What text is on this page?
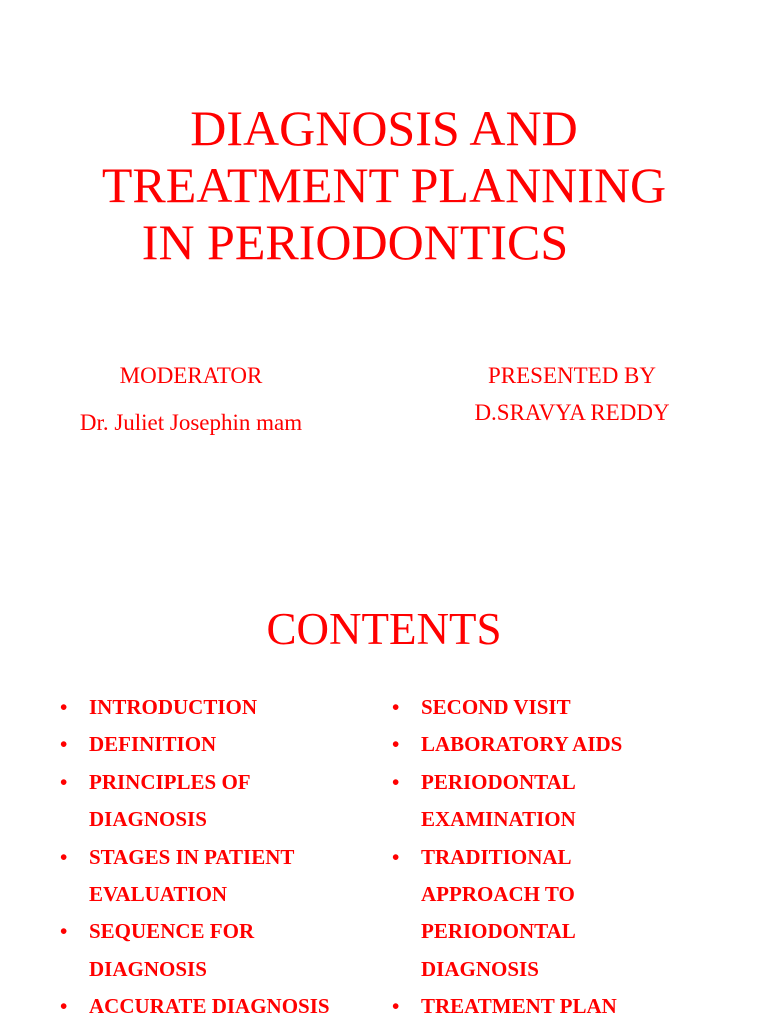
DIAGNOSIS AND
TREATMENT PLANNING
IN PERIODONTICS
MODERATOR
Dr. Juliet Josephin mam
PRESENTED BY
D.SRAVYA REDDY
CONTENTS
• INTRODUCTION
• DEFINITION
• PRINCIPLES OF
DIAGNOSIS
• STAGES IN PATIENT
EVALUATION
• SEQUENCE FOR
DIAGNOSIS
• ACCURATE DIAGNOSIS
• SECOND VISIT
• LABORATORY AIDS
• PERIODONTAL
EXAMINATION
• TRADITIONAL
APPROACH TO
PERIODONTAL
DIAGNOSIS
• TREATMENT PLAN
